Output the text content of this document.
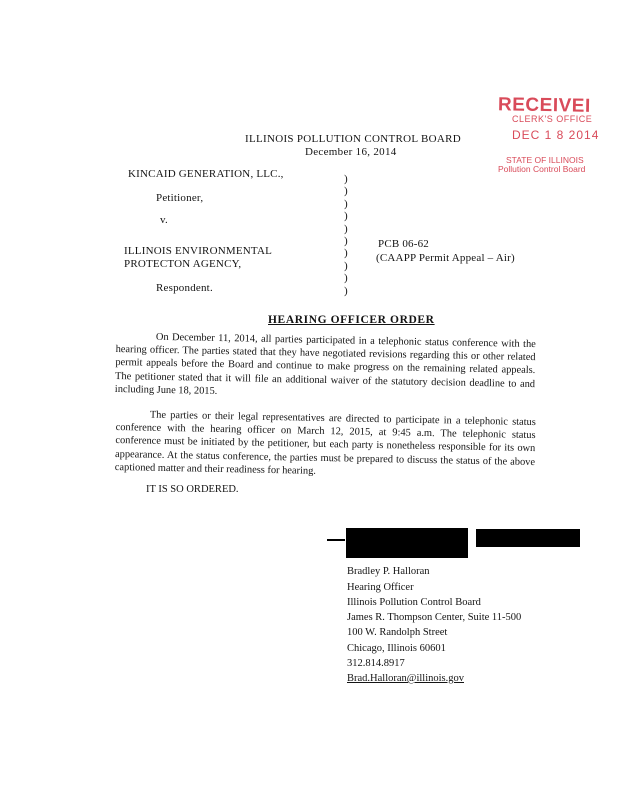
RECEIVEI
CLERK'S OFFICE
DEC 1 8 2014
STATE OF ILLINOIS
Pollution Control Board
ILLINOIS POLLUTION CONTROL BOARD
December 16, 2014
KINCAID GENERATION, LLC.,
Petitioner,
v.
ILLINOIS ENVIRONMENTAL
PROTECTON AGENCY,
Respondent.
)
)
)
)
)
)
)
)
)
)
PCB 06-62
(CAAPP Permit Appeal – Air)
HEARING OFFICER ORDER
On December 11, 2014, all parties participated in a telephonic status conference with the hearing officer. The parties stated that they have negotiated revisions regarding this or other related permit appeals before the Board and continue to make progress on the remaining related appeals. The petitioner stated that it will file an additional waiver of the statutory decision deadline to and including June 18, 2015.
The parties or their legal representatives are directed to participate in a telephonic status conference with the hearing officer on March 12, 2015, at 9:45 a.m. The telephonic status conference must be initiated by the petitioner, but each party is nonetheless responsible for its own appearance. At the status conference, the parties must be prepared to discuss the status of the above captioned matter and their readiness for hearing.
IT IS SO ORDERED.
Bradley P. Halloran
Hearing Officer
Illinois Pollution Control Board
James R. Thompson Center, Suite 11-500
100 W. Randolph Street
Chicago, Illinois 60601
312.814.8917
Brad.Halloran@illinois.gov
